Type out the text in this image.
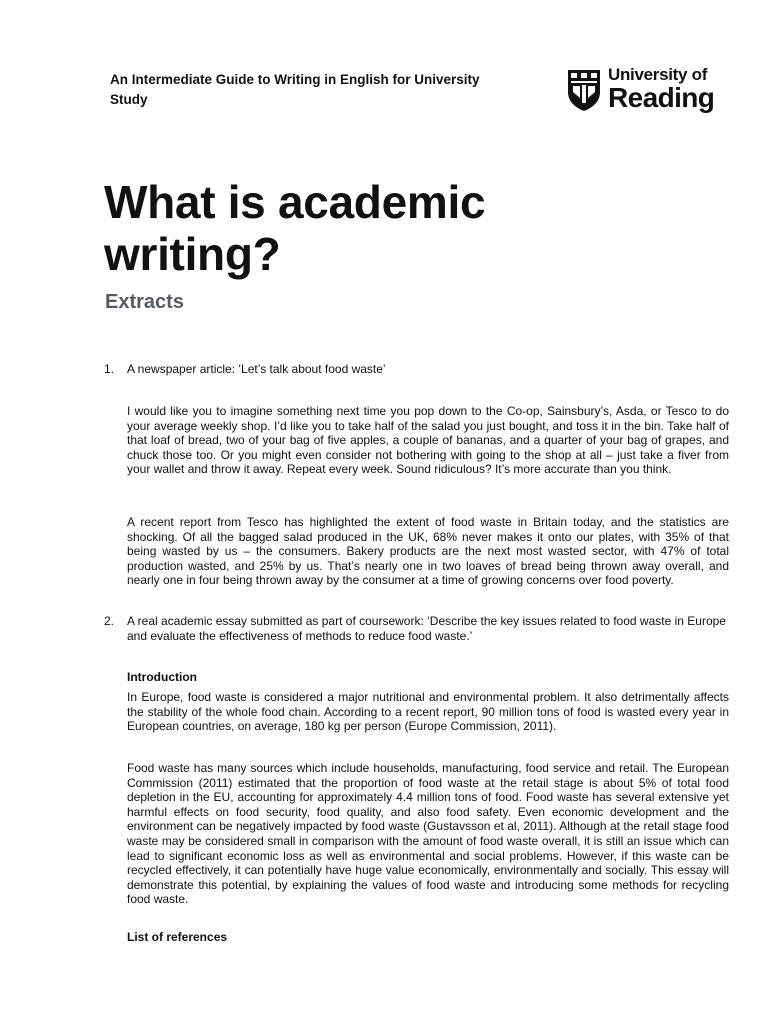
An Intermediate Guide to Writing in English for University Study
University of
Reading
What is academic writing?
Extracts
1. A newspaper article: ‘Let’s talk about food waste’
I would like you to imagine something next time you pop down to the Co-op, Sainsbury’s, Asda, or Tesco to do your average weekly shop. I’d like you to take half of the salad you just bought, and toss it in the bin. Take half of that loaf of bread, two of your bag of five apples, a couple of bananas, and a quarter of your bag of grapes, and chuck those too. Or you might even consider not bothering with going to the shop at all – just take a fiver from your wallet and throw it away. Repeat every week. Sound ridiculous? It’s more accurate than you think.
A recent report from Tesco has highlighted the extent of food waste in Britain today, and the statistics are shocking. Of all the bagged salad produced in the UK, 68% never makes it onto our plates, with 35% of that being wasted by us – the consumers. Bakery products are the next most wasted sector, with 47% of total production wasted, and 25% by us. That’s nearly one in two loaves of bread being thrown away overall, and nearly one in four being thrown away by the consumer at a time of growing concerns over food poverty.
2. A real academic essay submitted as part of coursework: ‘Describe the key issues related to food waste in Europe and evaluate the effectiveness of methods to reduce food waste.’
Introduction
In Europe, food waste is considered a major nutritional and environmental problem. It also detrimentally affects the stability of the whole food chain. According to a recent report, 90 million tons of food is wasted every year in European countries, on average, 180 kg per person (Europe Commission, 2011).
Food waste has many sources which include households, manufacturing, food service and retail. The European Commission (2011) estimated that the proportion of food waste at the retail stage is about 5% of total food depletion in the EU, accounting for approximately 4.4 million tons of food. Food waste has several extensive yet harmful effects on food security, food quality, and also food safety. Even economic development and the environment can be negatively impacted by food waste (Gustavsson et al, 2011). Although at the retail stage food waste may be considered small in comparison with the amount of food waste overall, it is still an issue which can lead to significant economic loss as well as environmental and social problems. However, if this waste can be recycled effectively, it can potentially have huge value economically, environmentally and socially. This essay will demonstrate this potential, by explaining the values of food waste and introducing some methods for recycling food waste.
List of references
